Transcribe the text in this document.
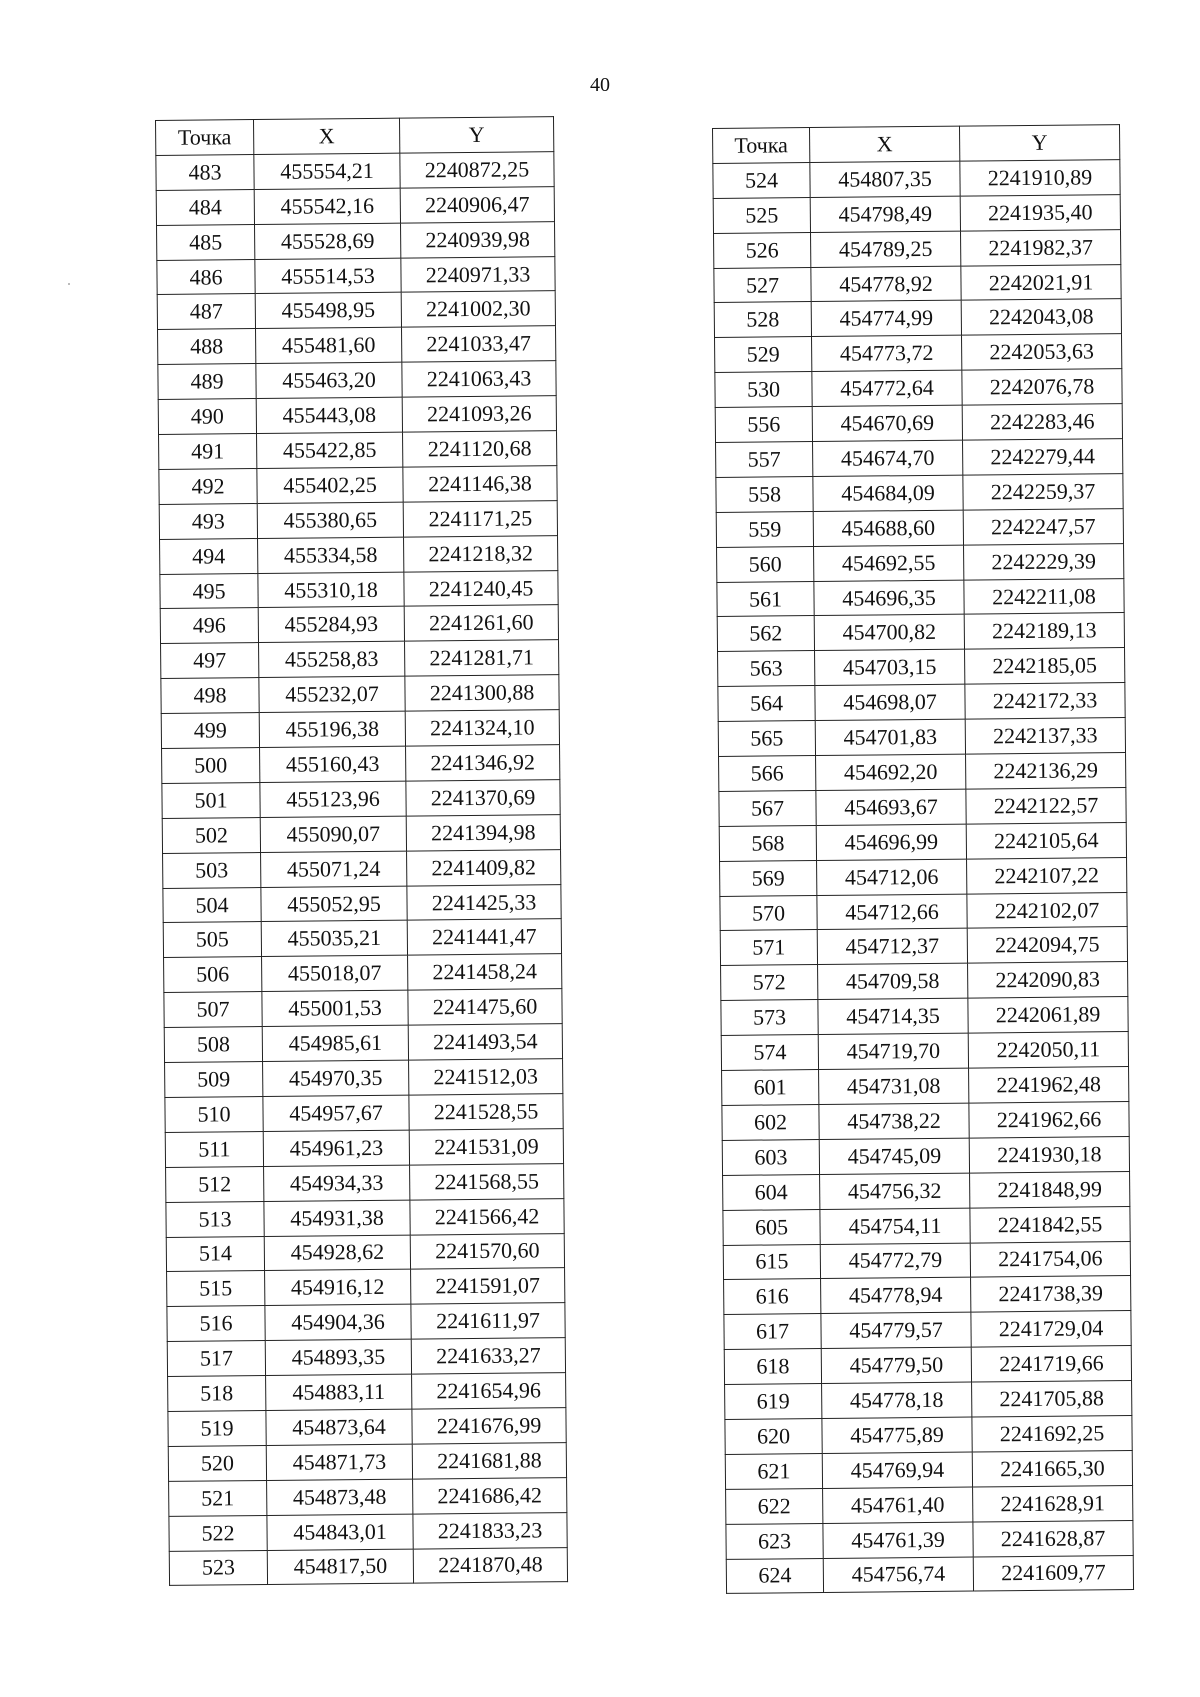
40
Точка	X	Y
483	455554,21	2240872,25
484	455542,16	2240906,47
485	455528,69	2240939,98
486	455514,53	2240971,33
487	455498,95	2241002,30
488	455481,60	2241033,47
489	455463,20	2241063,43
490	455443,08	2241093,26
491	455422,85	2241120,68
492	455402,25	2241146,38
493	455380,65	2241171,25
494	455334,58	2241218,32
495	455310,18	2241240,45
496	455284,93	2241261,60
497	455258,83	2241281,71
498	455232,07	2241300,88
499	455196,38	2241324,10
500	455160,43	2241346,92
501	455123,96	2241370,69
502	455090,07	2241394,98
503	455071,24	2241409,82
504	455052,95	2241425,33
505	455035,21	2241441,47
506	455018,07	2241458,24
507	455001,53	2241475,60
508	454985,61	2241493,54
509	454970,35	2241512,03
510	454957,67	2241528,55
511	454961,23	2241531,09
512	454934,33	2241568,55
513	454931,38	2241566,42
514	454928,62	2241570,60
515	454916,12	2241591,07
516	454904,36	2241611,97
517	454893,35	2241633,27
518	454883,11	2241654,96
519	454873,64	2241676,99
520	454871,73	2241681,88
521	454873,48	2241686,42
522	454843,01	2241833,23
523	454817,50	2241870,48
Точка	X	Y
524	454807,35	2241910,89
525	454798,49	2241935,40
526	454789,25	2241982,37
527	454778,92	2242021,91
528	454774,99	2242043,08
529	454773,72	2242053,63
530	454772,64	2242076,78
556	454670,69	2242283,46
557	454674,70	2242279,44
558	454684,09	2242259,37
559	454688,60	2242247,57
560	454692,55	2242229,39
561	454696,35	2242211,08
562	454700,82	2242189,13
563	454703,15	2242185,05
564	454698,07	2242172,33
565	454701,83	2242137,33
566	454692,20	2242136,29
567	454693,67	2242122,57
568	454696,99	2242105,64
569	454712,06	2242107,22
570	454712,66	2242102,07
571	454712,37	2242094,75
572	454709,58	2242090,83
573	454714,35	2242061,89
574	454719,70	2242050,11
601	454731,08	2241962,48
602	454738,22	2241962,66
603	454745,09	2241930,18
604	454756,32	2241848,99
605	454754,11	2241842,55
615	454772,79	2241754,06
616	454778,94	2241738,39
617	454779,57	2241729,04
618	454779,50	2241719,66
619	454778,18	2241705,88
620	454775,89	2241692,25
621	454769,94	2241665,30
622	454761,40	2241628,91
623	454761,39	2241628,87
624	454756,74	2241609,77
